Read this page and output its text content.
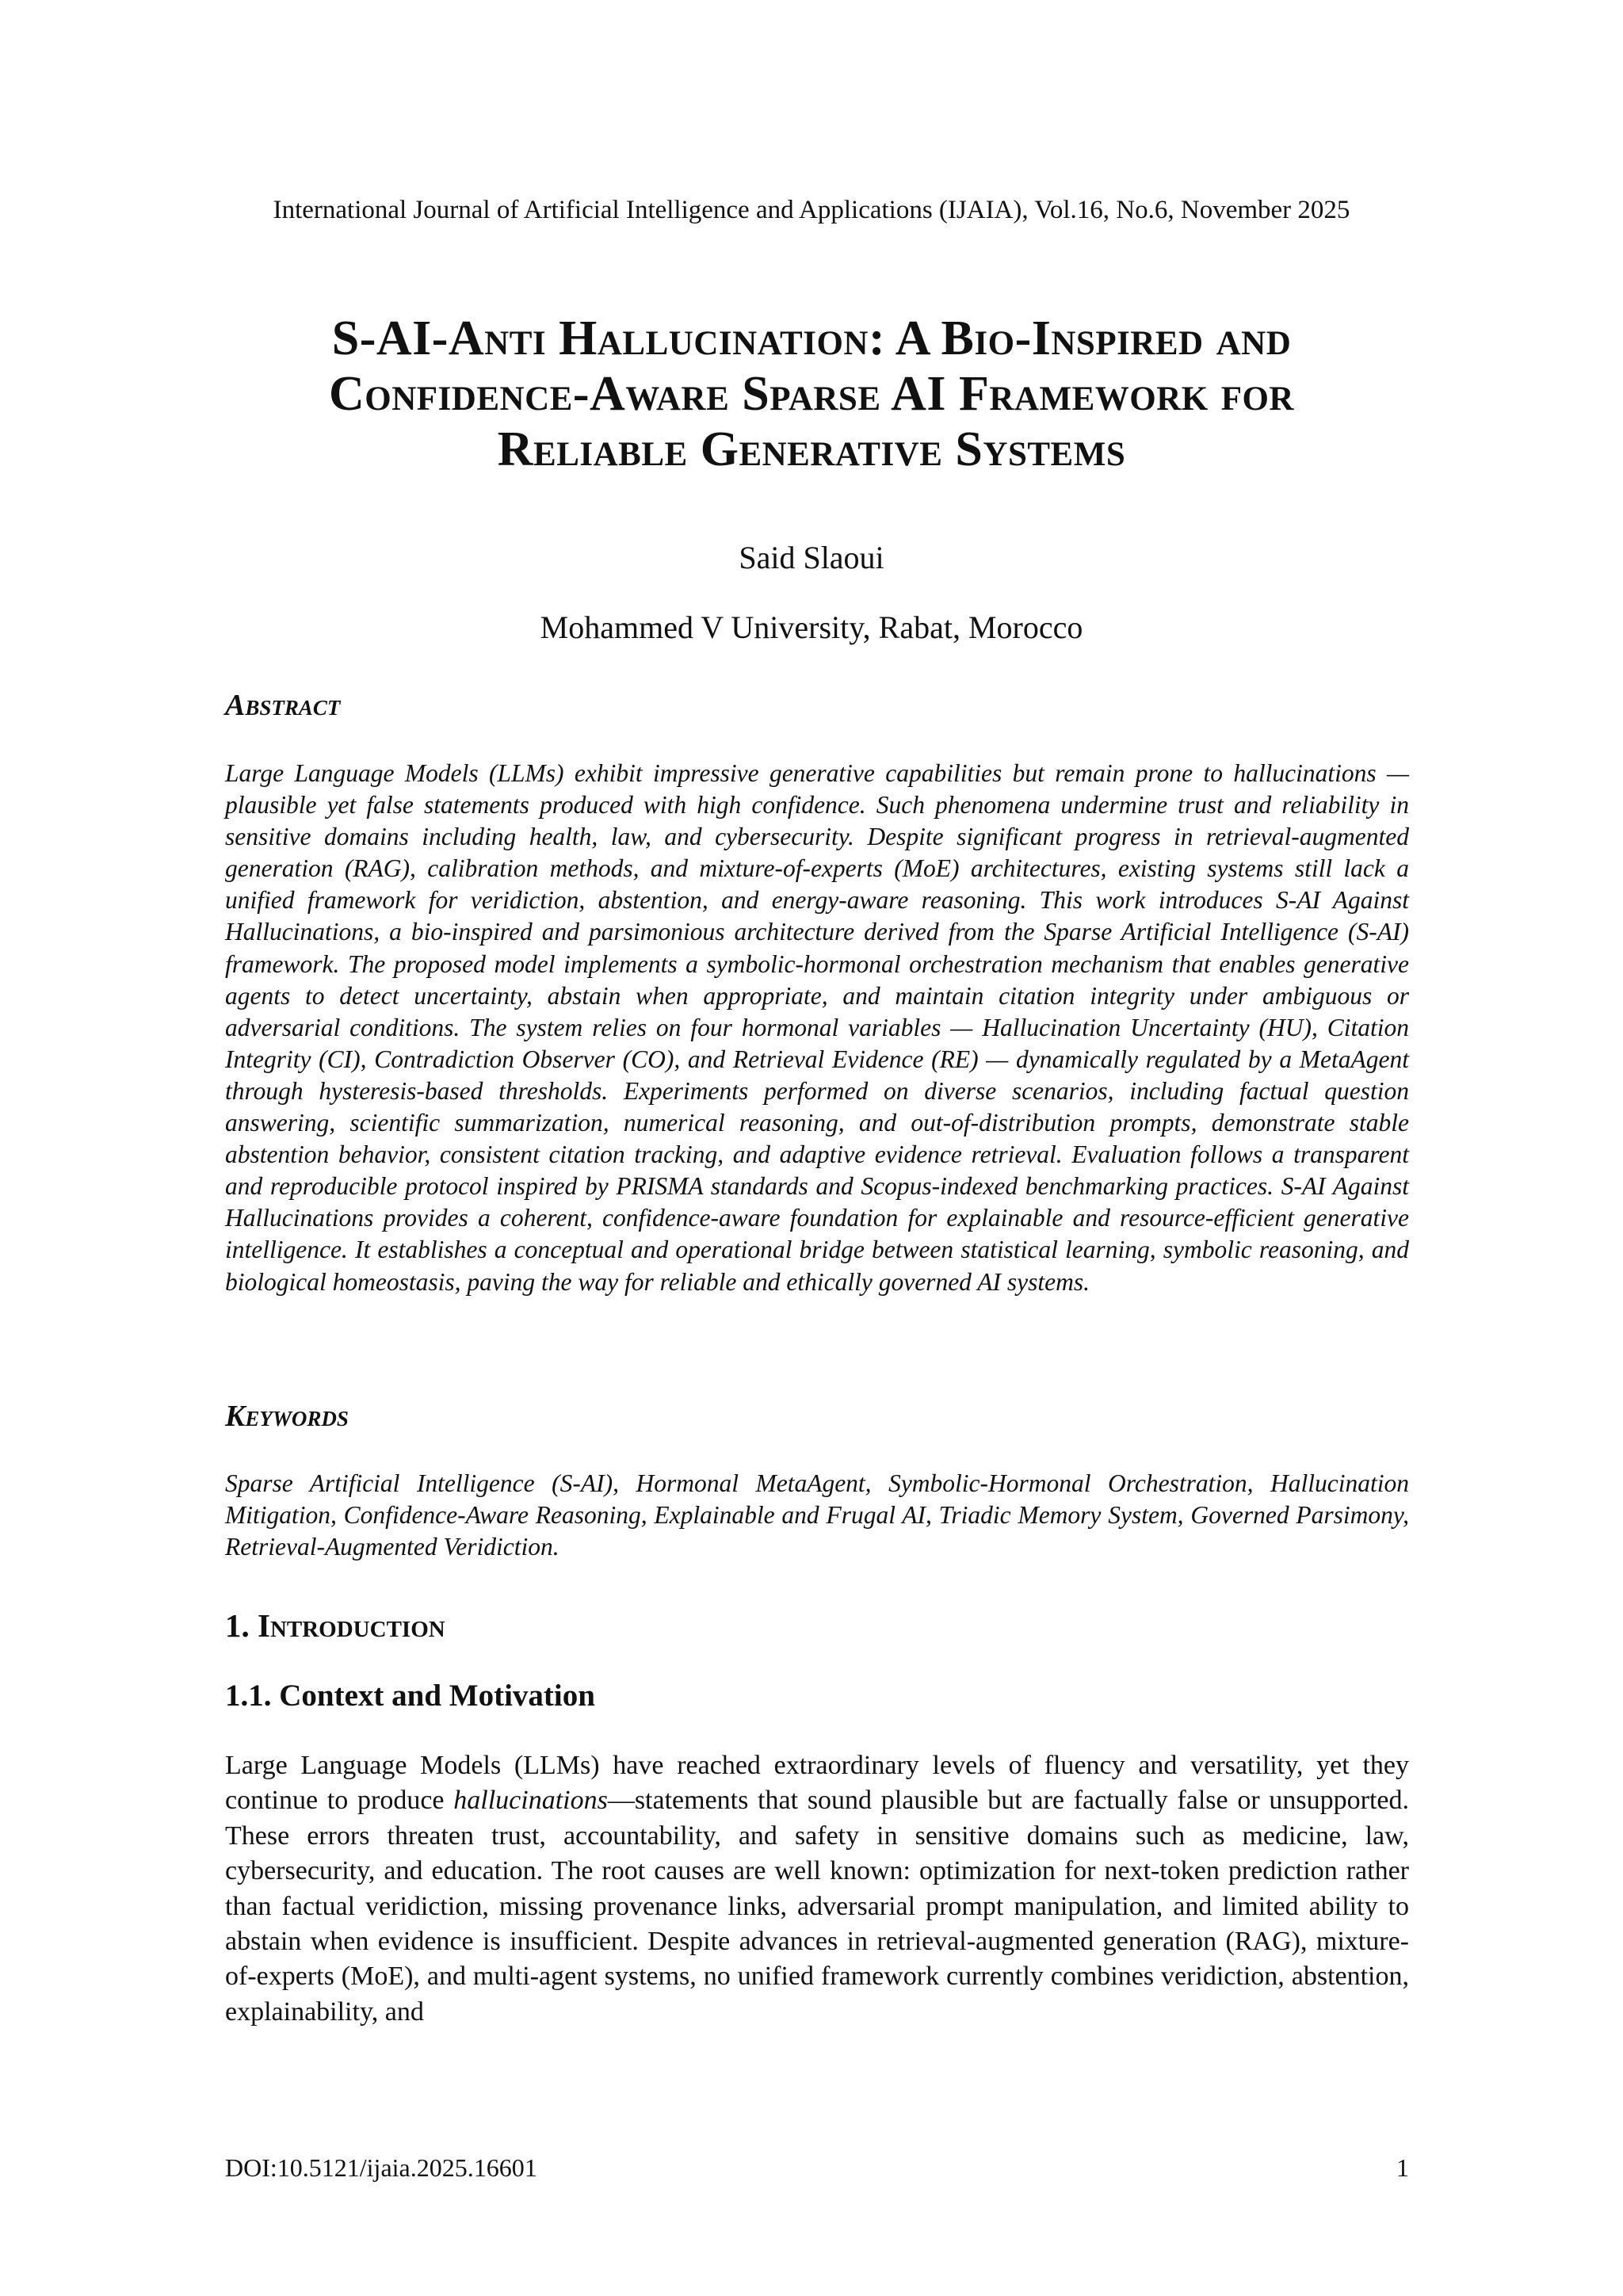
International Journal of Artificial Intelligence and Applications (IJAIA), Vol.16, No.6, November 2025
S-AI-Anti Hallucination: A Bio-Inspired and
Confidence-Aware Sparse AI Framework for
Reliable Generative Systems
Said Slaoui
Mohammed V University, Rabat, Morocco
Abstract
Large Language Models (LLMs) exhibit impressive generative capabilities but remain prone to hallucinations — plausible yet false statements produced with high confidence. Such phenomena undermine trust and reliability in sensitive domains including health, law, and cybersecurity. Despite significant progress in retrieval-augmented generation (RAG), calibration methods, and mixture-of-experts (MoE) architectures, existing systems still lack a unified framework for veridiction, abstention, and energy-aware reasoning. This work introduces S-AI Against Hallucinations, a bio-inspired and parsimonious architecture derived from the Sparse Artificial Intelligence (S-AI) framework. The proposed model implements a symbolic-hormonal orchestration mechanism that enables generative agents to detect uncertainty, abstain when appropriate, and maintain citation integrity under ambiguous or adversarial conditions. The system relies on four hormonal variables — Hallucination Uncertainty (HU), Citation Integrity (CI), Contradiction Observer (CO), and Retrieval Evidence (RE) — dynamically regulated by a MetaAgent through hysteresis-based thresholds. Experiments performed on diverse scenarios, including factual question answering, scientific summarization, numerical reasoning, and out-of-distribution prompts, demonstrate stable abstention behavior, consistent citation tracking, and adaptive evidence retrieval. Evaluation follows a transparent and reproducible protocol inspired by PRISMA standards and Scopus-indexed benchmarking practices. S-AI Against Hallucinations provides a coherent, confidence-aware foundation for explainable and resource-efficient generative intelligence. It establishes a conceptual and operational bridge between statistical learning, symbolic reasoning, and biological homeostasis, paving the way for reliable and ethically governed AI systems.
Keywords
Sparse Artificial Intelligence (S-AI), Hormonal MetaAgent, Symbolic-Hormonal Orchestration, Hallucination Mitigation, Confidence-Aware Reasoning, Explainable and Frugal AI, Triadic Memory System, Governed Parsimony, Retrieval-Augmented Veridiction.
1. Introduction
1.1. Context and Motivation
Large Language Models (LLMs) have reached extraordinary levels of fluency and versatility, yet they continue to produce hallucinations—statements that sound plausible but are factually false or unsupported. These errors threaten trust, accountability, and safety in sensitive domains such as medicine, law, cybersecurity, and education. The root causes are well known: optimization for next-token prediction rather than factual veridiction, missing provenance links, adversarial prompt manipulation, and limited ability to abstain when evidence is insufficient. Despite advances in retrieval-augmented generation (RAG), mixture-of-experts (MoE), and multi-agent systems, no unified framework currently combines veridiction, abstention, explainability, and
DOI:10.5121/ijaia.2025.16601	1
